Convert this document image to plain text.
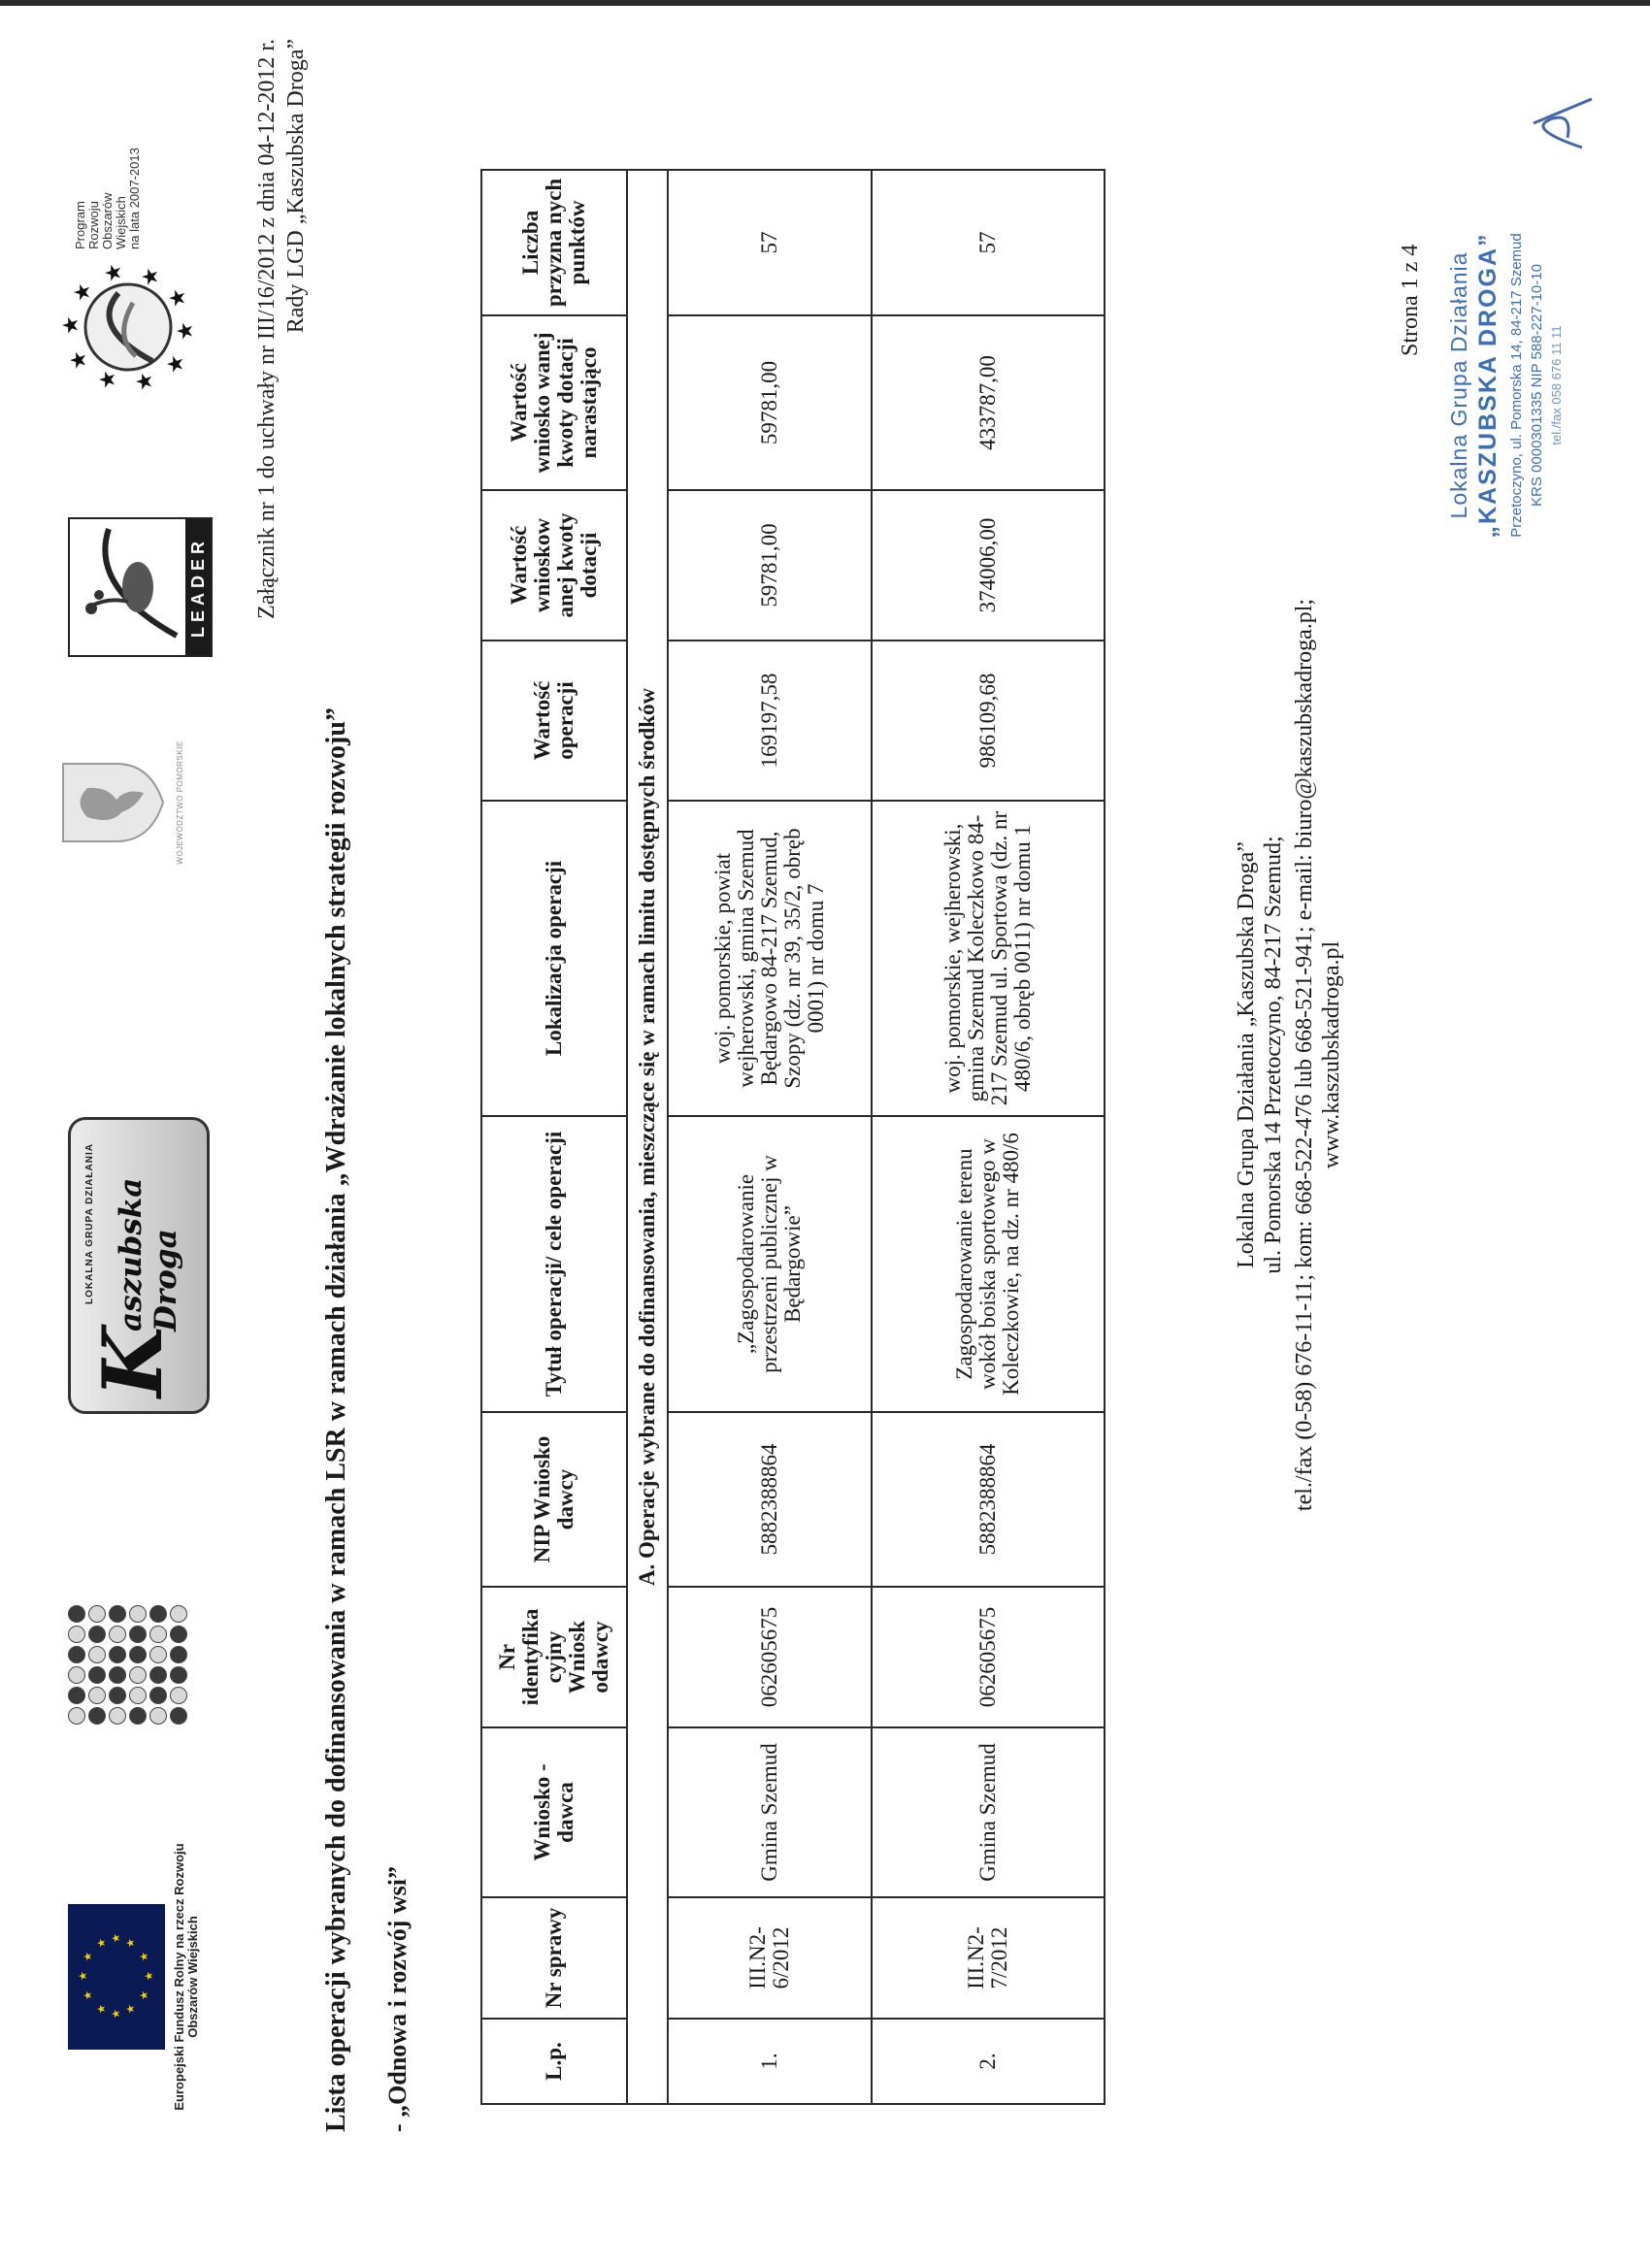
★
★
★
★
★
★
★
★
★
★
★
★	Europejski Fundusz Rolny na rzecz Rozwoju Obszarów Wiejskich
LOKALNA GRUPA DZIAŁANIA
K
aszubska Droga
WOJEWÓDZTWO POMORSKIE
LEADER
★
★
★ ★
★
★
★
★
★
★
Program Rozwoju Obszarów Wiejskich na lata 2007-2013	Załącznik nr 1 do uchwały nr III/16/2012 z dnia 04-12-2012 r. Rady LGD „Kaszubska Droga”
Lista operacji wybranych do dofinansowania w ramach LSR w ramach działania „Wdrażanie lokalnych strategii rozwoju” - „Odnowa i rozwój wsi”	L.p.	Nr sprawy	Wniosko -dawca	Nr identyfika cyjny Wniosk odawcy	NIP Wniosko dawcy	Tytuł operacji/ cele operacji	Lokalizacja operacji	Wartość operacji	Wartość wnioskow anej kwoty dotacji	Wartość wniosko wanej kwoty dotacji narastająco	Liczba przyzna nych punktów
A. Operacje wybrane do dofinansowania, mieszczące się w ramach limitu dostępnych środków										
1.	III.N2-6/2012	Gmina Szemud	062605675	5882388864	„Zagospodarowanie przestrzeni publicznej w Będargowie”	woj. pomorskie, powiat wejherowski, gmina Szemud Będargowo 84-217 Szemud, Szopy (dz. nr 39, 35/2, obręb 0001) nr domu 7	169197,58	59781,00	59781,00	57
2.	III.N2-7/2012	Gmina Szemud	062605675	5882388864	Zagospodarowanie terenu wokół boiska sportowego w Koleczkowie, na dz. nr 480/6	woj. pomorskie, wejherowski, gmina Szemud Koleczkowo 84-217 Szemud ul. Sportowa (dz. nr 480/6, obręb 0011) nr domu 1	986109,68	374006,00	433787,00	57
Lokalna Grupa Działania „Kaszubska Droga” ul. Pomorska 14 Przetoczyno, 84-217 Szemud; tel./fax (0-58) 676-11-11; kom: 668-522-476 lub 668-521-941; e-mail: biuro@kaszubskadroga.pl; www.kaszubskadroga.pl
Strona 1 z 4 Lokalna Grupa Działania „KASZUBSKA DROGA” Przetoczyno, ul. Pomorska 14, 84-217 Szemud KRS 0000301335 NIP 588-227-10-10 tel./fax 058 676 11 11
